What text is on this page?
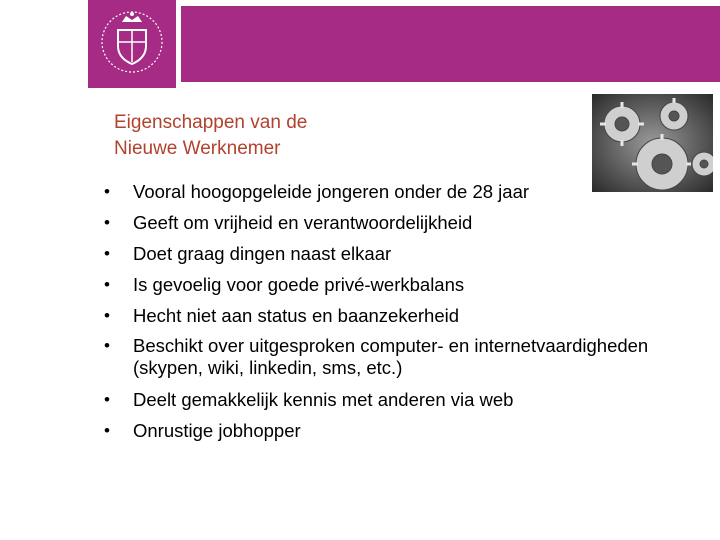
Eigenschappen van de
Nieuwe Werknemer
• Vooral hoogopgeleide jongeren onder de 28 jaar
• Geeft om vrijheid en verantwoordelijkheid
• Doet graag dingen naast elkaar
• Is gevoelig voor goede privé-werkbalans
• Hecht niet aan status en baanzekerheid
• Beschikt over uitgesproken computer- en internetvaardigheden (skypen, wiki, linkedin, sms, etc.)
• Deelt gemakkelijk kennis met anderen via web
• Onrustige jobhopper
